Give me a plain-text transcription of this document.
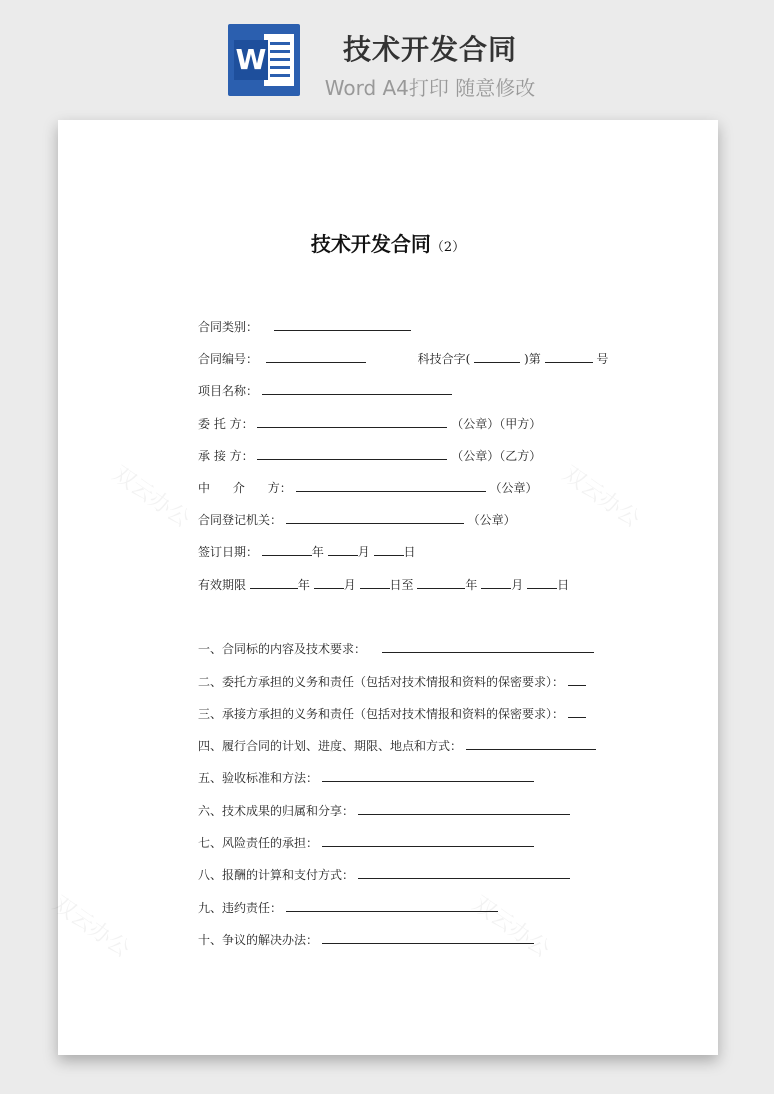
W	技术开发合同
Word A4打印 随意修改
双云办公	双云办公
双云办公	双云办公
技术开发合同（2）
合同类别：
合同编号：	科技合字(	)第	号
项目名称：
委 托 方：	（公章）（甲方）
承 接 方：	（公章）（乙方）
中      介      方：	（公章）
合同登记机关：	（公章）
签订日期：	年	月	日
有效期限	年	月	日至	年	月	日
一、合同标的内容及技术要求：
二、委托方承担的义务和责任（包括对技术情报和资料的保密要求）：
三、承接方承担的义务和责任（包括对技术情报和资料的保密要求）：
四、履行合同的计划、进度、期限、地点和方式：
五、验收标准和方法：
六、技术成果的归属和分享：
七、风险责任的承担：
八、报酬的计算和支付方式：
九、违约责任：
十、争议的解决办法：
